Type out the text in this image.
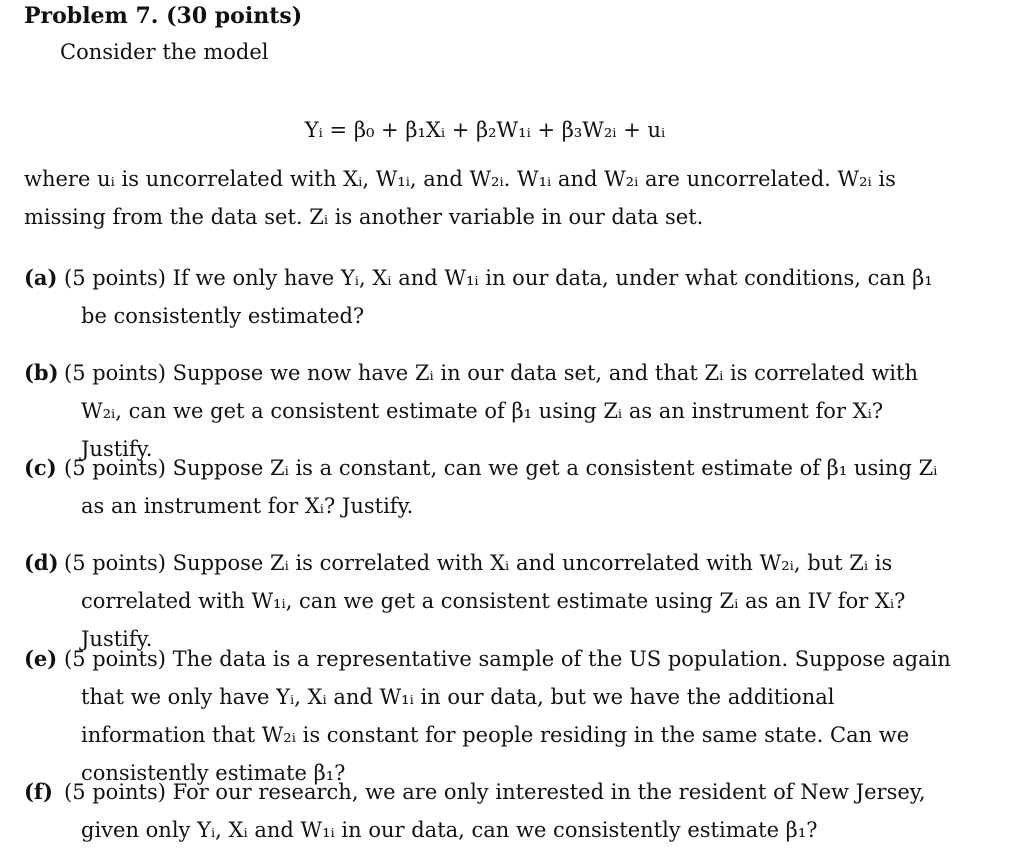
Problem 7. (30 points)
Consider the model
Yᵢ = β₀ + β₁Xᵢ + β₂W₁ᵢ + β₃W₂ᵢ + uᵢ
where uᵢ is uncorrelated with Xᵢ, W₁ᵢ, and W₂ᵢ. W₁ᵢ and W₂ᵢ are uncorrelated. W₂ᵢ is missing from the data set. Zᵢ is another variable in our data set.
(a) (5 points) If we only have Yᵢ, Xᵢ and W₁ᵢ in our data, under what conditions, can β₁ be consistently estimated?
(b) (5 points) Suppose we now have Zᵢ in our data set, and that Zᵢ is correlated with W₂ᵢ, can we get a consistent estimate of β₁ using Zᵢ as an instrument for Xᵢ? Justify.
(c) (5 points) Suppose Zᵢ is a constant, can we get a consistent estimate of β₁ using Zᵢ as an instrument for Xᵢ? Justify.
(d) (5 points) Suppose Zᵢ is correlated with Xᵢ and uncorrelated with W₂ᵢ, but Zᵢ is correlated with W₁ᵢ, can we get a consistent estimate using Zᵢ as an IV for Xᵢ? Justify.
(e) (5 points) The data is a representative sample of the US population. Suppose again that we only have Yᵢ, Xᵢ and W₁ᵢ in our data, but we have the additional information that W₂ᵢ is constant for people residing in the same state. Can we consistently estimate β₁?
(f) (5 points) For our research, we are only interested in the resident of New Jersey, given only Yᵢ, Xᵢ and W₁ᵢ in our data, can we consistently estimate β₁?
